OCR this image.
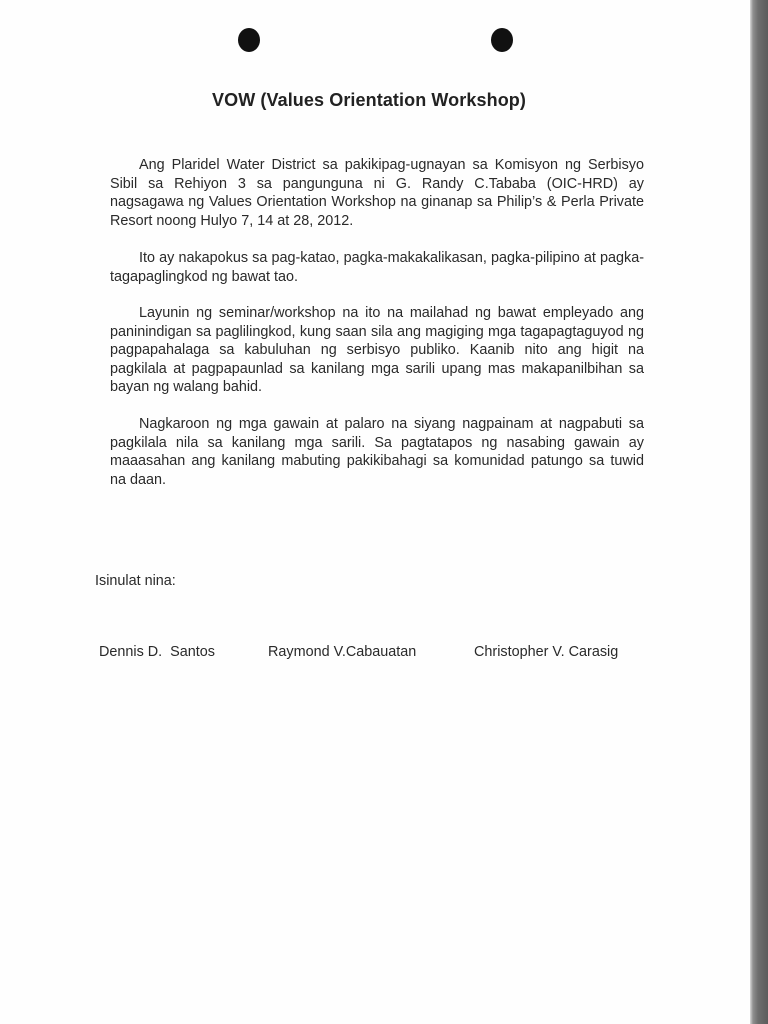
VOW (Values Orientation Workshop)

Ang Plaridel Water District sa pakikipag-ugnayan sa Komisyon ng Serbisyo Sibil sa Rehiyon 3 sa pangunguna ni G. Randy C.Tababa (OIC-HRD) ay nagsagawa ng Values Orientation Workshop na ginanap sa Philip’s & Perla Private Resort noong Hulyo 7, 14 at 28, 2012.

Ito ay nakapokus sa pag-katao, pagka-makakalikasan, pagka-pilipino at pagka-tagapaglingkod ng bawat tao.

Layunin ng seminar/workshop na ito na mailahad ng bawat empleyado ang paninindigan sa paglilingkod, kung saan sila ang magiging mga tagapagtaguyod ng pagpapahalaga sa kabuluhan ng serbisyo publiko. Kaanib nito ang higit na pagkilala at pagpapaunlad sa kanilang mga sarili upang mas makapanilbihan sa bayan ng walang bahid.

Nagkaroon ng mga gawain at palaro na siyang nagpainam at nagpabuti sa pagkilala nila sa kanilang mga sarili. Sa pagtatapos ng nasabing gawain ay maaasahan ang kanilang mabuting pakikibahagi sa komunidad patungo sa tuwid na daan.

Isinulat nina:
Dennis D.  Santos	Raymond V.Cabauatan	Christopher V. Carasig
